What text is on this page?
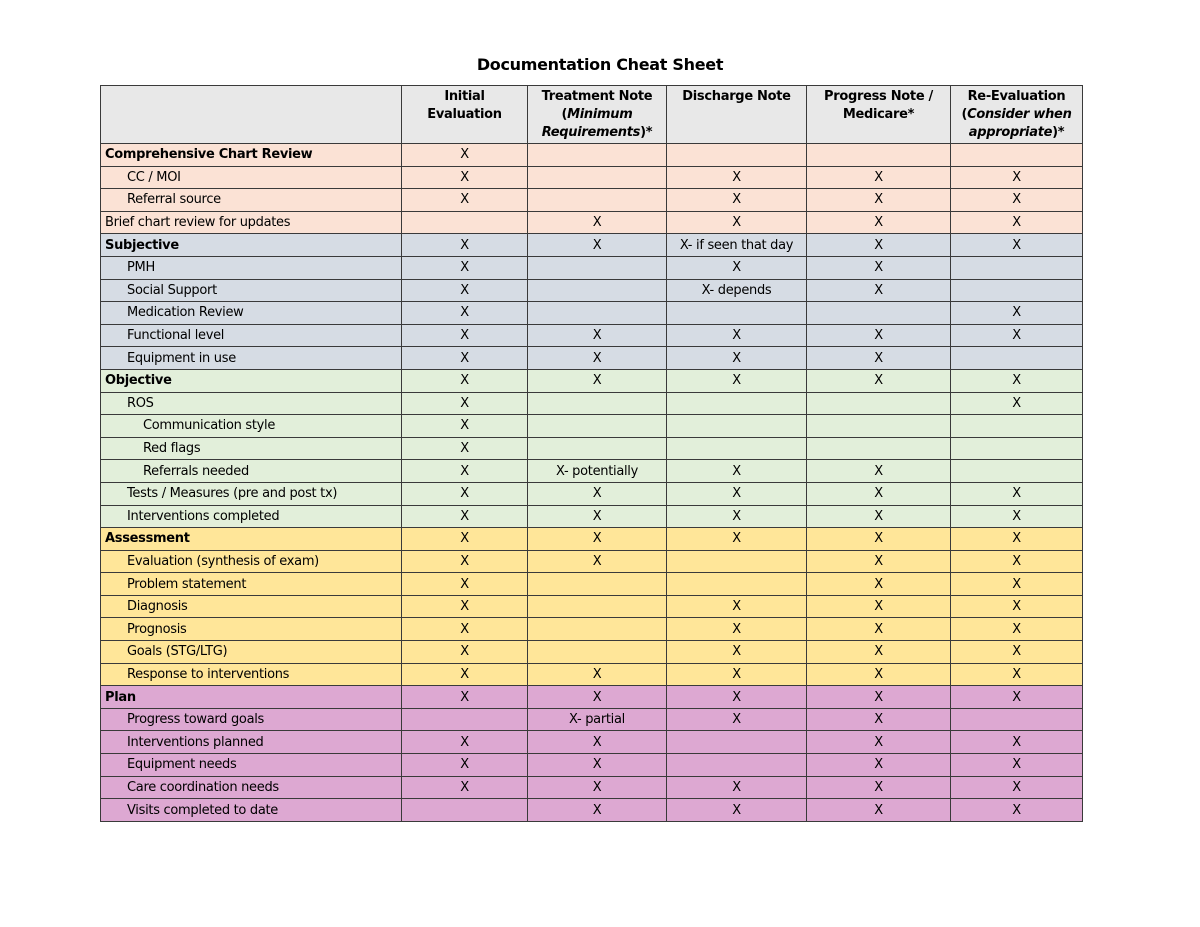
Documentation Cheat Sheet
	Initial Evaluation	Treatment Note (Minimum Requirements)*	Discharge Note	Progress Note / Medicare*	Re-Evaluation (Consider when appropriate)*
Comprehensive Chart Review	X				
CC / MOI	X		X	X	X
Referral source	X		X	X	X
Brief chart review for updates		X	X	X	X
Subjective	X	X	X- if seen that day	X	X
PMH	X		X	X	
Social Support	X		X- depends	X	
Medication Review	X				X
Functional level	X	X	X	X	X
Equipment in use	X	X	X	X	
Objective	X	X	X	X	X
ROS	X				X
Communication style	X				
Red flags	X				
Referrals needed	X	X- potentially	X	X	
Tests / Measures (pre and post tx)	X	X	X	X	X
Interventions completed	X	X	X	X	X
Assessment	X	X	X	X	X
Evaluation (synthesis of exam)	X	X		X	X
Problem statement	X			X	X
Diagnosis	X		X	X	X
Prognosis	X		X	X	X
Goals (STG/LTG)	X		X	X	X
Response to interventions	X	X	X	X	X
Plan	X	X	X	X	X
Progress toward goals		X- partial	X	X	
Interventions planned	X	X		X	X
Equipment needs	X	X		X	X
Care coordination needs	X	X	X	X	X
Visits completed to date		X	X	X	X
